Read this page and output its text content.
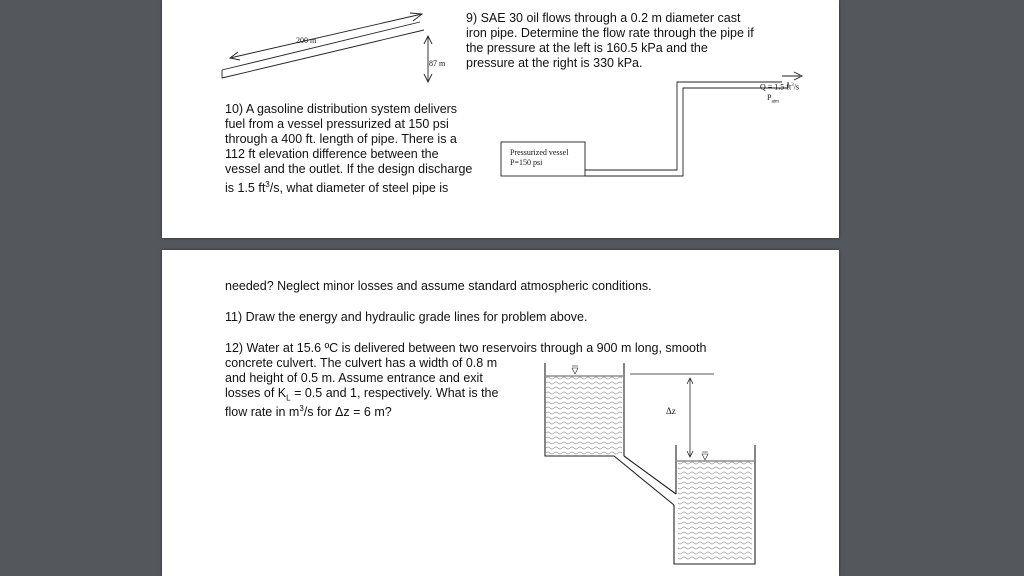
9) SAE 30 oil flows through a 0.2 m diameter cast
iron pipe. Determine the flow rate through the pipe if
the pressure at the left is 160.5 kPa and the
pressure at the right is 330 kPa.
200 m
87 m
10) A gasoline distribution system delivers
fuel from a vessel pressurized at 150 psi
through a 400 ft. length of pipe. There is a
112 ft elevation difference between the
vessel and the outlet. If the design discharge
is 1.5 $ft^3/s$, what diameter of steel pipe is
Pressurized vessel
P=150 psi
Q = 1.5 $ft^3/s$
$P_{atm}$
needed? Neglect minor losses and assume standard atmospheric conditions.
11) Draw the energy and hydraulic grade lines for problem above.
12) Water at 15.6 ºC is delivered between two reservoirs through a 900 m long, smooth
concrete culvert. The culvert has a width of 0.8 m
and height of 0.5 m. Assume entrance and exit
losses of $K_L = 0.5$ and 1, respectively. What is the
flow rate in $m^3/s$ for Δz = 6 m?	Δz
